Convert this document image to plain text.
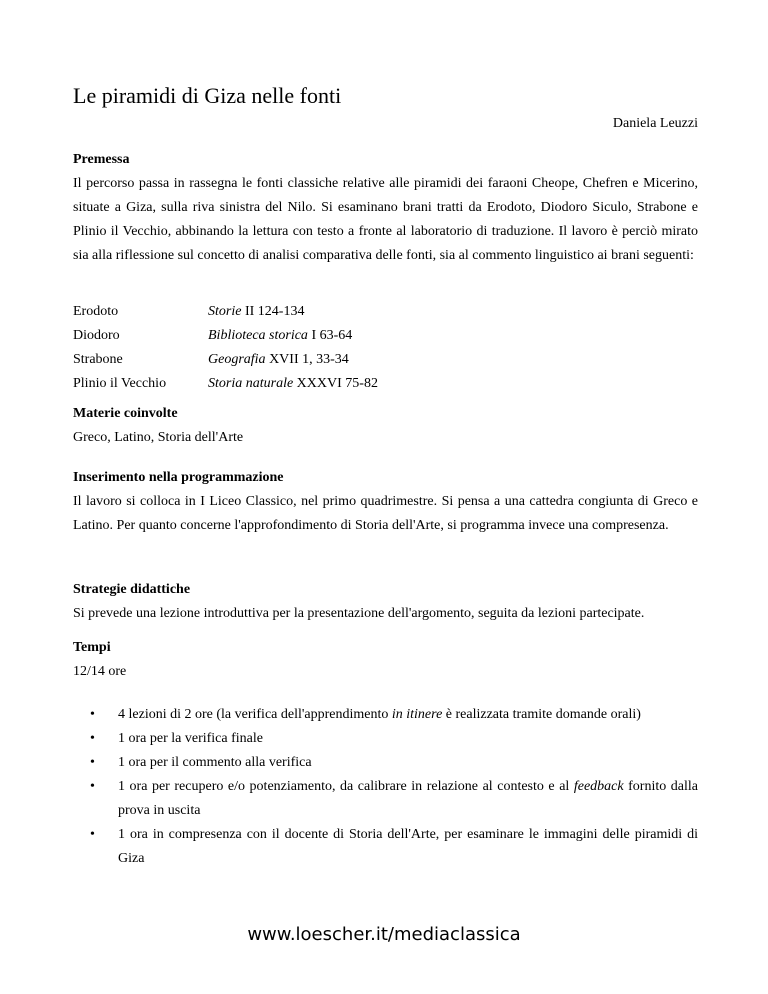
Le piramidi di Giza nelle fonti
Daniela Leuzzi
Premessa

Il percorso passa in rassegna le fonti classiche relative alle piramidi dei faraoni Cheope, Chefren e Micerino, situate a Giza, sulla riva sinistra del Nilo. Si esaminano brani tratti da Erodoto, Diodoro Siculo, Strabone e Plinio il Vecchio, abbinando la lettura con testo a fronte al laboratorio di traduzione. Il lavoro è perciò mirato sia alla riflessione sul concetto di analisi comparativa delle fonti, sia al commento linguistico ai brani seguenti:

Erodoto	Storie II 124-134
Diodoro	Biblioteca storica I 63-64
Strabone	Geografia XVII 1, 33-34
Plinio il Vecchio	Storia naturale XXXVI 75-82
Materie coinvolte

Greco, Latino, Storia dell'Arte

Inserimento nella programmazione

Il lavoro si colloca in I Liceo Classico, nel primo quadrimestre. Si pensa a una cattedra congiunta di Greco e Latino. Per quanto concerne l'approfondimento di Storia dell'Arte, si programma invece una compresenza.

Strategie didattiche

Si prevede una lezione introduttiva per la presentazione dell'argomento, seguita da lezioni partecipate.

Tempi

12/14 ore

• 4 lezioni di 2 ore (la verifica dell'apprendimento in itinere è realizzata tramite domande orali)
• 1 ora per la verifica finale
• 1 ora per il commento alla verifica
• 1 ora per recupero e/o potenziamento, da calibrare in relazione al contesto e al feedback fornito dalla prova in uscita
• 1 ora in compresenza con il docente di Storia dell'Arte, per esaminare le immagini delle piramidi di Giza
www.loescher.it/mediaclassica
